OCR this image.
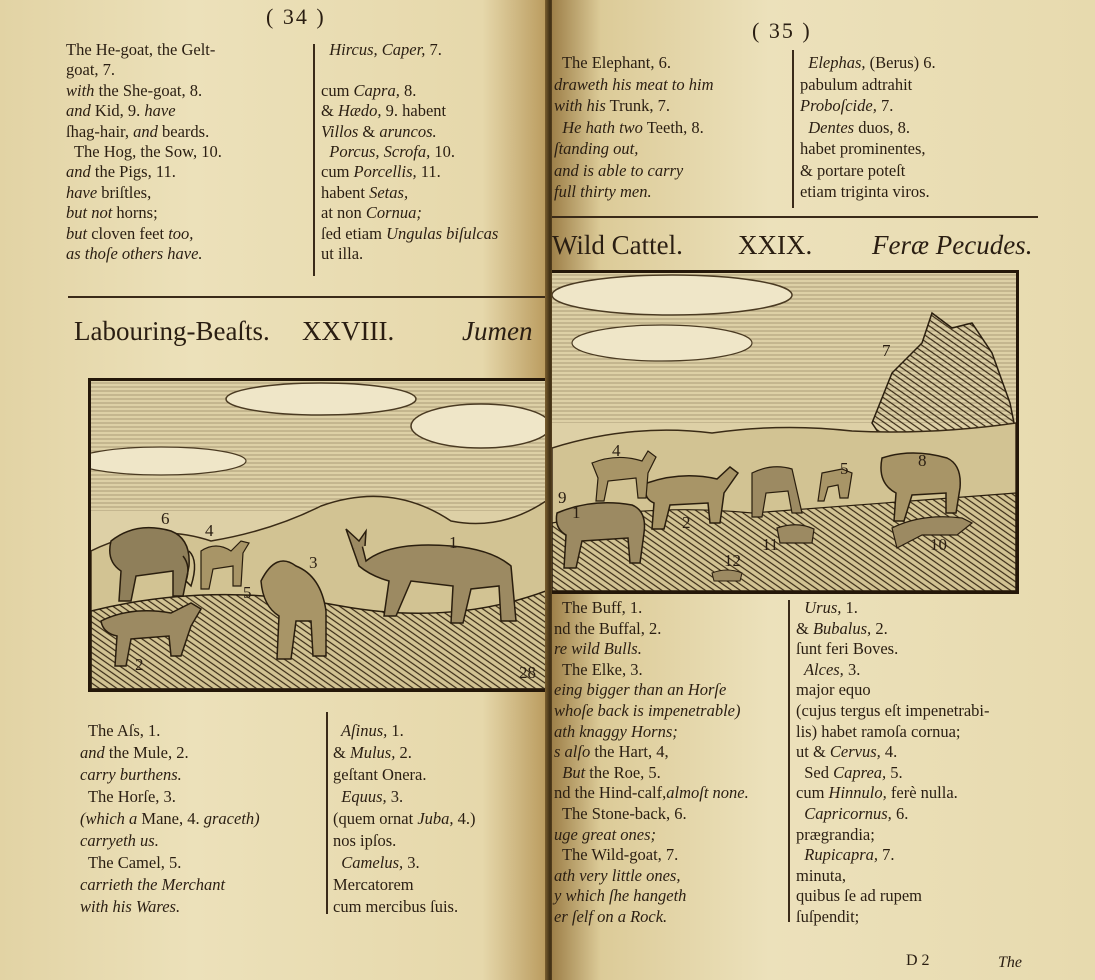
( 34 )
The He-goat, the Gelt-
goat, 7.
with the She-goat, 8.
and Kid, 9. have
ſhag-hair, and beards.
The Hog, the Sow, 10.
and the Pigs, 11.
have briſtles,
but not horns;
but cloven feet too,
as thoſe others have.
Hircus, Caper, 7.
cum Capra, 8.
& Hædo, 9. habent
Villos & aruncos.
Porcus, Scrofa, 10.
cum Porcellis, 11.
habent Setas,
at non Cornua;
ſed etiam Ungulas biſulcas
ut illa.
Labouring-Beaſts. XXVIII.	Jumen
1
2
3
4
5
6
28
The Aſs, 1.
and the Mule, 2.
carry burthens.
The Horſe, 3.
(which a Mane, 4. graceth)
carryeth us.
The Camel, 5.
carrieth the Merchant
with his Wares.
Aſinus, 1.
& Mulus, 2.
geſtant Onera.
Equus, 3.
(quem ornat Juba, 4.)
nos ipſos.
Camelus, 3.
Mercatorem
cum mercibus ſuis.
( 35 )
The Elephant, 6.
draweth his meat to him
with his Trunk, 7.
He hath two Teeth, 8.
ſtanding out,
and is able to carry
full thirty men.
Elephas, (Berus) 6.
pabulum adtrahit
Proboſcide, 7.
Dentes duos, 8.
habet prominentes,
& portare poteſt
etiam triginta viros.
Wild Cattel. XXIX. Feræ Pecudes.
1
2
4
5
7
8
9
10
11
12
The Buff, 1.
nd the Buffal, 2.
re wild Bulls.
The Elke, 3.
eing bigger than an Horſe
whoſe back is impenetrable)
ath knaggy Horns;
s alſo the Hart, 4,
But the Roe, 5.
nd the Hind-calf,almoſt none.
The Stone-back, 6.
uge great ones;
The Wild-goat, 7.
ath very little ones,
y which ſhe hangeth
er ſelf on a Rock.
Urus, 1.
& Bubalus, 2.
ſunt feri Boves.
Alces, 3.
major equo
(cujus tergus eſt impenetrabi-
lis) habet ramoſa cornua;
ut & Cervus, 4.
Sed Caprea, 5.
cum Hinnulo, ferè nulla.
Capricornus, 6.
prægrandia;
Rupicapra, 7.
minuta,
quibus ſe ad rupem
ſuſpendit;
D 2	The
